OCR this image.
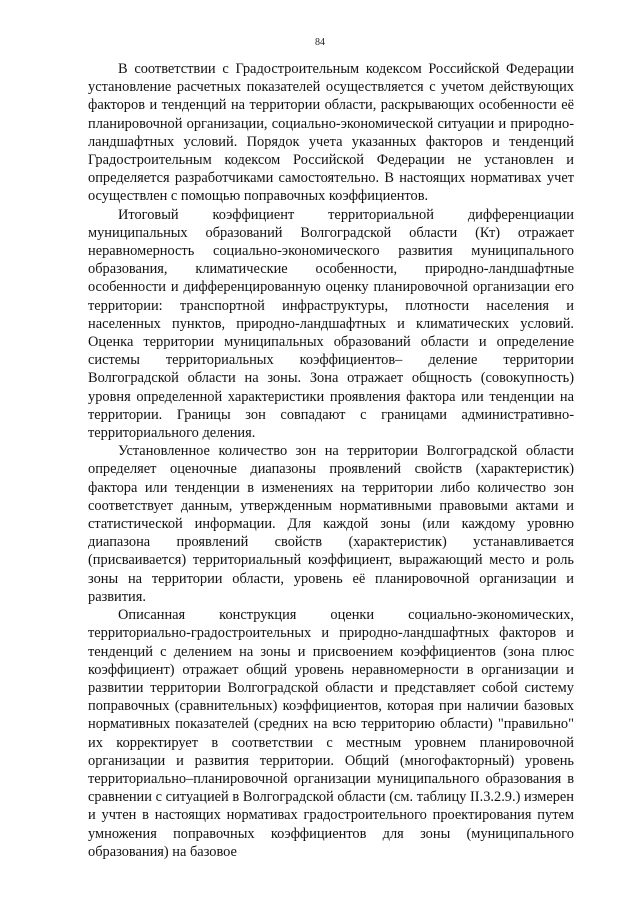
84

В соответствии с Градостроительным кодексом Российской Федерации установление расчетных показателей осуществляется с учетом действующих факторов и тенденций на территории области, раскрывающих особенности её планировочной организации, социально-экономической ситуации и природно-ландшафтных условий. Порядок учета указанных факторов и тенденций Градостроительным кодексом Российской Федерации не установлен и определяется разработчиками самостоятельно. В настоящих нормативах учет осуществлен с помощью поправочных коэффициентов.

Итоговый коэффициент территориальной дифференциации муниципальных образований Волгоградской области (Кт) отражает неравномерность социально-экономического развития муниципального образования, климатические особенности, природно-ландшафтные особенности и дифференцированную оценку планировочной организации его территории: транспортной инфраструктуры, плотности населения и населенных пунктов, природно-ландшафтных и климатических условий. Оценка территории муниципальных образований области и определение системы территориальных коэффициентов– деление территории Волгоградской области на зоны. Зона отражает общность (совокупность) уровня определенной характеристики проявления фактора или тенденции на территории. Границы зон совпадают с границами административно-территориального деления.

Установленное количество зон на территории Волгоградской области определяет оценочные диапазоны проявлений свойств (характеристик) фактора или тенденции в изменениях на территории либо количество зон соответствует данным, утвержденным нормативными правовыми актами и статистической информации. Для каждой зоны (или каждому уровню диапазона проявлений свойств (характеристик) устанавливается (присваивается) территориальный коэффициент, выражающий место и роль зоны на территории области, уровень её планировочной организации и развития.

Описанная конструкция оценки социально-экономических, территориально-градостроительных и природно-ландшафтных факторов и тенденций с делением на зоны и присвоением коэффициентов (зона плюс коэффициент) отражает общий уровень неравномерности в организации и развитии территории Волгоградской области и представляет собой систему поправочных (сравнительных) коэффициентов, которая при наличии базовых нормативных показателей (средних на всю территорию области) "правильно" их корректирует в соответствии с местным уровнем планировочной организации и развития территории. Общий (многофакторный) уровень территориально–планировочной организации муниципального образования в сравнении с ситуацией в Волгоградской области (см. таблицу II.3.2.9.) измерен и учтен в настоящих нормативах градостроительного проектирования путем умножения поправочных коэффициентов для зоны (муниципального образования) на базовое
